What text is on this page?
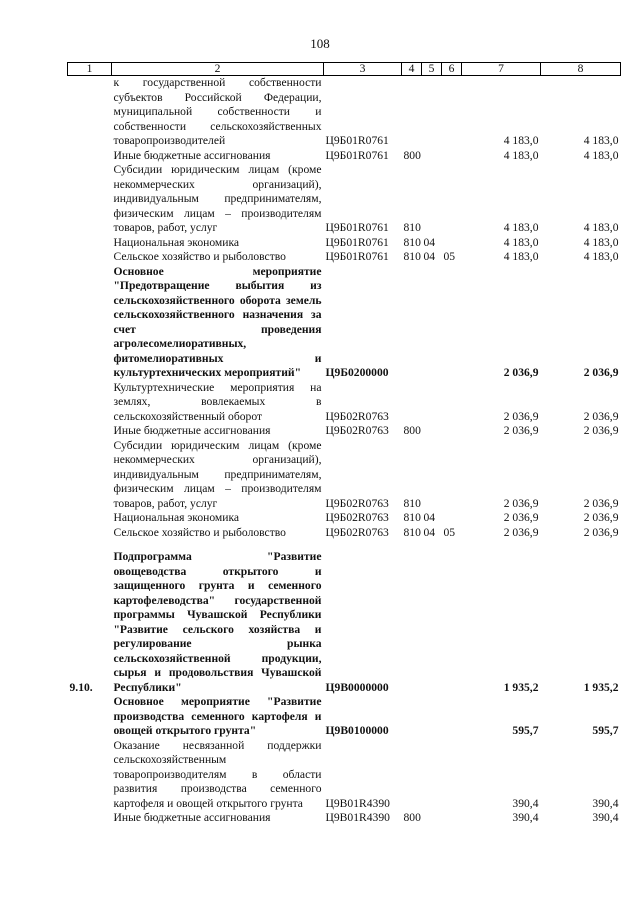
108
1	2	3	4	5	6	7	8
	к государственной собственности субъектов Российской Федерации, муниципальной собственности и собственности сельскохозяйственных товаропроизводителей	Ц9Б01R0761				4 183,0	4 183,0
	Иные бюджетные ассигнования	Ц9Б01R0761	800			4 183,0	4 183,0
	Субсидии юридическим лицам (кроме некоммерческих организаций), индивидуальным предпринимателям, физическим лицам – производителям товаров, работ, услуг	Ц9Б01R0761	810			4 183,0	4 183,0
	Национальная экономика	Ц9Б01R0761	810	04		4 183,0	4 183,0
	Сельское хозяйство и рыболовство	Ц9Б01R0761	810	04	05	4 183,0	4 183,0
	Основное мероприятие "Предотвращение выбытия из сельскохозяйственного оборота земель сельскохозяйственного назначения за счет проведения агролесомелиоративных, фитомелиоративных и культуртехнических мероприятий"	Ц9Б0200000				2 036,9	2 036,9
	Культуртехнические мероприятия на землях, вовлекаемых в сельскохозяйственный оборот	Ц9Б02R0763				2 036,9	2 036,9
	Иные бюджетные ассигнования	Ц9Б02R0763	800			2 036,9	2 036,9
	Субсидии юридическим лицам (кроме некоммерческих организаций), индивидуальным предпринимателям, физическим лицам – производителям товаров, работ, услуг	Ц9Б02R0763	810			2 036,9	2 036,9
	Национальная экономика	Ц9Б02R0763	810	04		2 036,9	2 036,9
	Сельское хозяйство и рыболовство	Ц9Б02R0763	810	04	05	2 036,9	2 036,9

9.10.	Подпрограмма "Развитие овощеводства открытого и защищенного грунта и семенного картофелеводства" государственной программы Чувашской Республики "Развитие сельского хозяйства и регулирование рынка сельскохозяйственной продукции, сырья и продовольствия Чувашской Республики"	Ц9В0000000				1 935,2	1 935,2
	Основное мероприятие "Развитие производства семенного картофеля и овощей открытого грунта"	Ц9В0100000				595,7	595,7
	Оказание несвязанной поддержки сельскохозяйственным товаропроизводителям в области развития производства семенного картофеля и овощей открытого грунта	Ц9В01R4390				390,4	390,4
	Иные бюджетные ассигнования	Ц9В01R4390	800			390,4	390,4
